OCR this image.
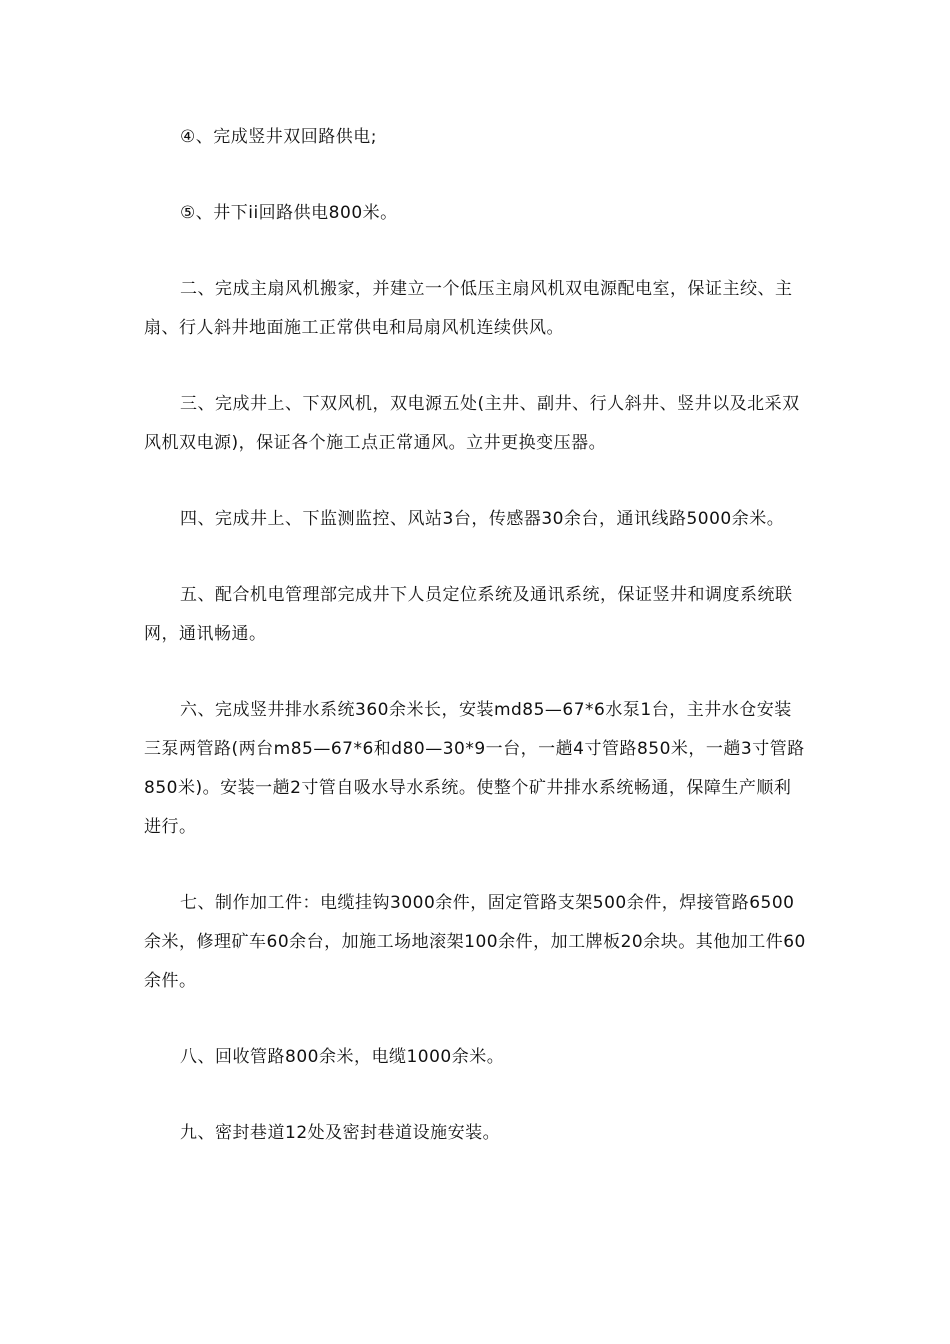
④、完成竖井双回路供电;

⑤、井下ii回路供电800米。

二、完成主扇风机搬家，并建立一个低压主扇风机双电源配电室，保证主绞、主扇、行人斜井地面施工正常供电和局扇风机连续供风。

三、完成井上、下双风机，双电源五处(主井、副井、行人斜井、竖井以及北采双风机双电源)，保证各个施工点正常通风。立井更换变压器。

四、完成井上、下监测监控、风站3台，传感器30余台，通讯线路5000余米。

五、配合机电管理部完成井下人员定位系统及通讯系统，保证竖井和调度系统联网，通讯畅通。

六、完成竖井排水系统360余米长，安装md85—67*6水泵1台，主井水仓安装三泵两管路(两台m85—67*6和d80—30*9一台，一趟4寸管路850米，一趟3寸管路850米)。安装一趟2寸管自吸水导水系统。使整个矿井排水系统畅通，保障生产顺利进行。

七、制作加工件：电缆挂钩3000余件，固定管路支架500余件，焊接管路6500余米，修理矿车60余台，加施工场地滚架100余件，加工牌板20余块。其他加工件60余件。

八、回收管路800余米，电缆1000余米。

九、密封巷道12处及密封巷道设施安装。
